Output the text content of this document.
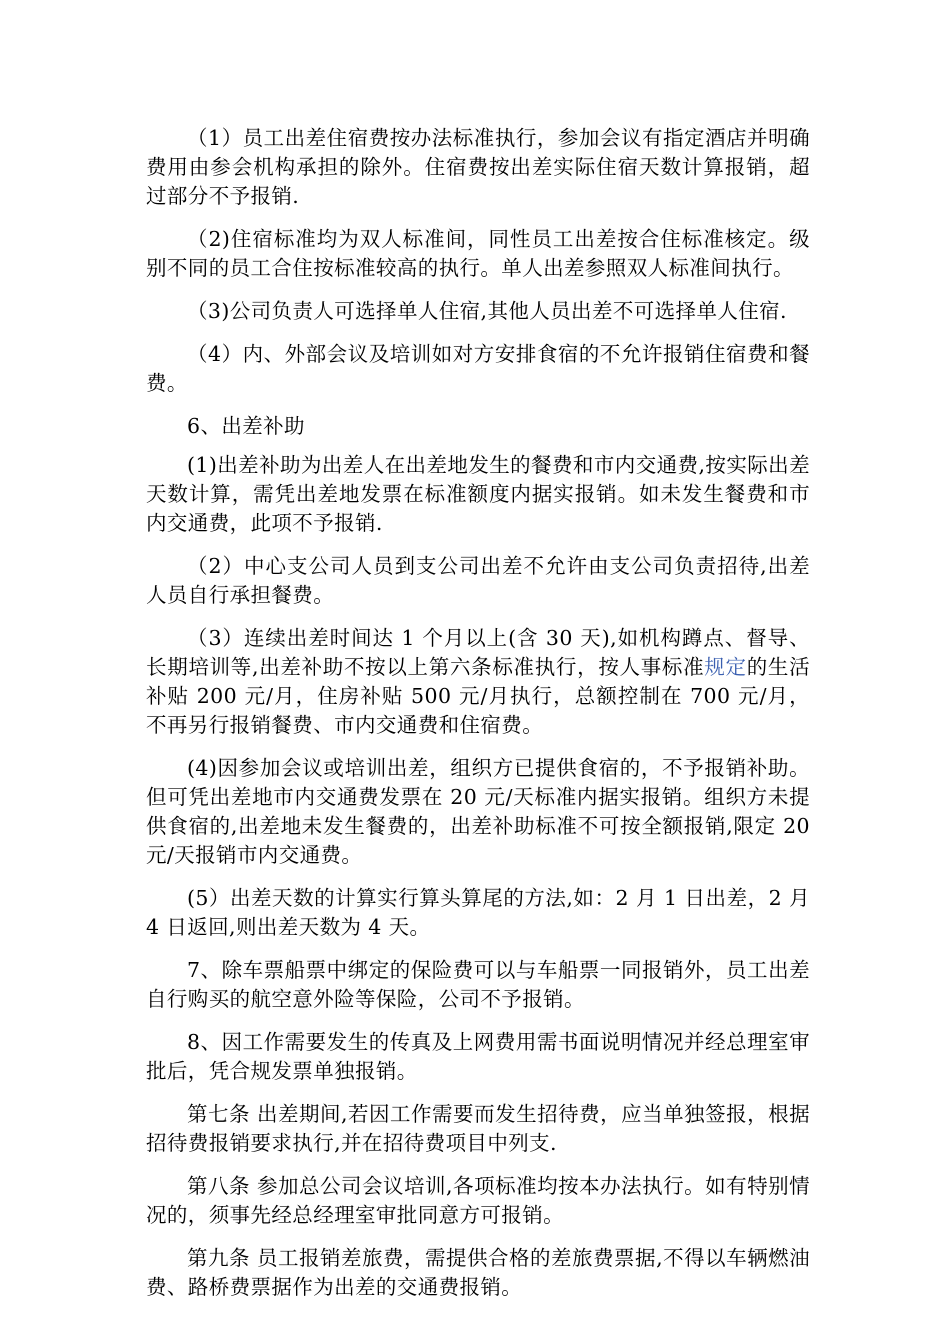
（1）员工出差住宿费按办法标准执行，参加会议有指定酒店并明确费用由参会机构承担的除外。住宿费按出差实际住宿天数计算报销，超过部分不予报销.

（2)住宿标准均为双人标准间，同性员工出差按合住标准核定。级别不同的员工合住按标准较高的执行。单人出差参照双人标准间执行。

（3)公司负责人可选择单人住宿,其他人员出差不可选择单人住宿.

（4）内、外部会议及培训如对方安排食宿的不允许报销住宿费和餐费。

6、出差补助

(1)出差补助为出差人在出差地发生的餐费和市内交通费,按实际出差天数计算，需凭出差地发票在标准额度内据实报销。如未发生餐费和市内交通费，此项不予报销.

（2）中心支公司人员到支公司出差不允许由支公司负责招待,出差人员自行承担餐费。

（3）连续出差时间达 1 个月以上(含 30 天),如机构蹲点、督导、长期培训等,出差补助不按以上第六条标准执行，按人事标准规定的生活补贴 200 元/月，住房补贴 500 元/月执行，总额控制在 700 元/月，不再另行报销餐费、市内交通费和住宿费。

(4)因参加会议或培训出差，组织方已提供食宿的，不予报销补助。但可凭出差地市内交通费发票在 20 元/天标准内据实报销。组织方未提供食宿的,出差地未发生餐费的，出差补助标准不可按全额报销,限定 20 元/天报销市内交通费。

(5）出差天数的计算实行算头算尾的方法,如：2 月 1 日出差，2 月 4 日返回,则出差天数为 4 天。

7、除车票船票中绑定的保险费可以与车船票一同报销外，员工出差自行购买的航空意外险等保险，公司不予报销。

8、因工作需要发生的传真及上网费用需书面说明情况并经总理室审批后，凭合规发票单独报销。

第七条 出差期间,若因工作需要而发生招待费，应当单独签报，根据招待费报销要求执行,并在招待费项目中列支.

第八条 参加总公司会议培训,各项标准均按本办法执行。如有特别情况的，须事先经总经理室审批同意方可报销。

第九条 员工报销差旅费，需提供合格的差旅费票据,不得以车辆燃油费、路桥费票据作为出差的交通费报销。
